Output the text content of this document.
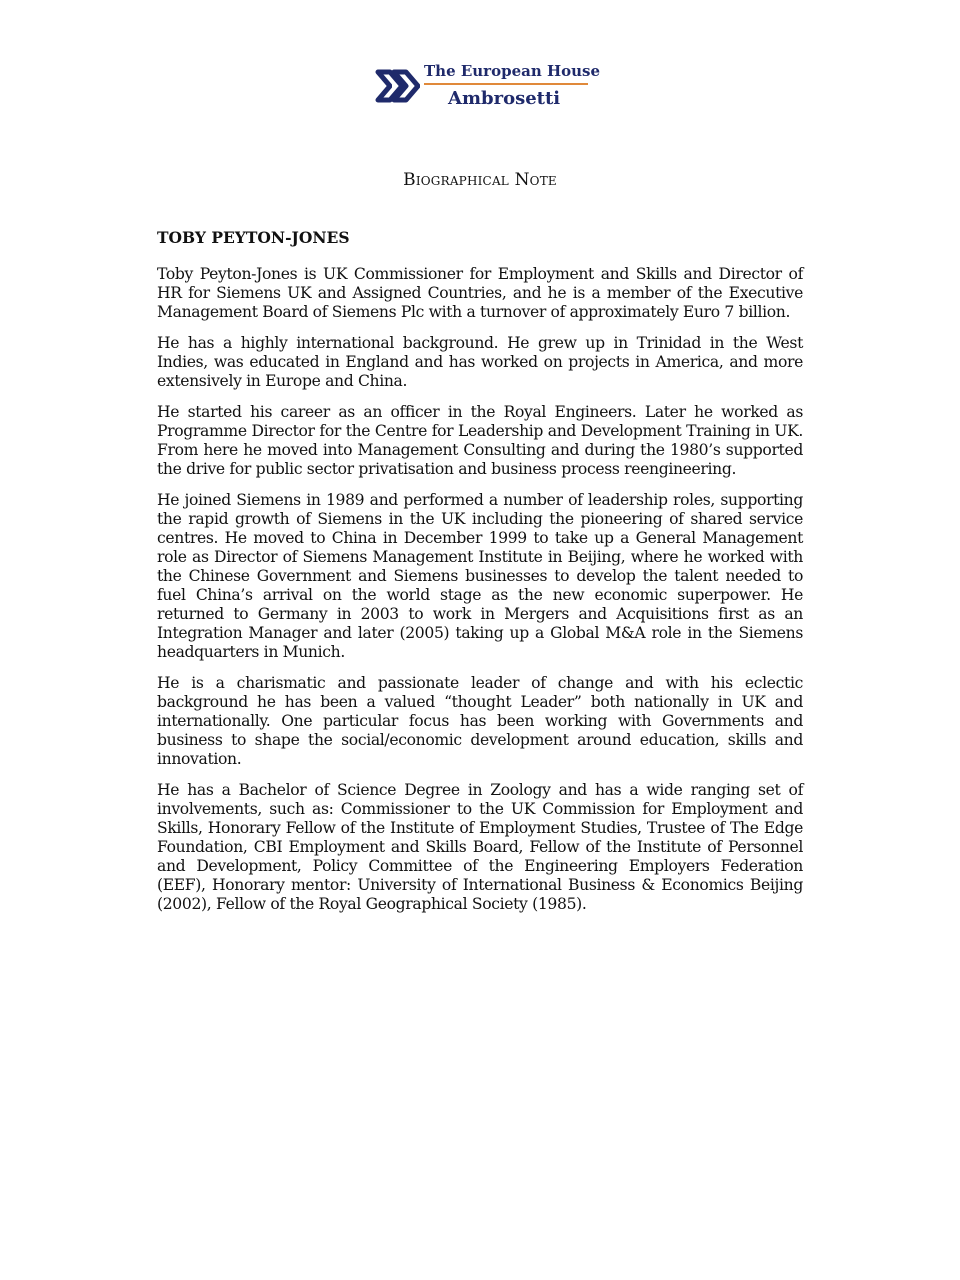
The European House
Ambrosetti
Biographical Note
TOBY PEYTON-JONES

Toby Peyton-Jones is UK Commissioner for Employment and Skills and Director of HR for Siemens UK and Assigned Countries, and he is a member of the Executive Management Board of Siemens Plc with a turnover of approximately Euro 7 billion.

He has a highly international background. He grew up in Trinidad in the West Indies, was educated in England and has worked on projects in America, and more extensively in Europe and China.

He started his career as an officer in the Royal Engineers. Later he worked as Programme Director for the Centre for Leadership and Development Training in UK. From here he moved into Management Consulting and during the 1980’s supported the drive for public sector privatisation and business process reengineering.

He joined Siemens in 1989 and performed a number of leadership roles, supporting the rapid growth of Siemens in the UK including the pioneering of shared service centres. He moved to China in December 1999 to take up a General Management role as Director of Siemens Management Institute in Beijing, where he worked with the Chinese Government and Siemens businesses to develop the talent needed to fuel China’s arrival on the world stage as the new economic superpower. He returned to Germany in 2003 to work in Mergers and Acquisitions first as an Integration Manager and later (2005) taking up a Global M&A role in the Siemens headquarters in Munich.

He is a charismatic and passionate leader of change and with his eclectic background he has been a valued “thought Leader” both nationally in UK and internationally. One particular focus has been working with Governments and business to shape the social/economic development around education, skills and innovation.

He has a Bachelor of Science Degree in Zoology and has a wide ranging set of involvements, such as: Commissioner to the UK Commission for Employment and Skills, Honorary Fellow of the Institute of Employment Studies, Trustee of The Edge Foundation, CBI Employment and Skills Board, Fellow of the Institute of Personnel and Development, Policy Committee of the Engineering Employers Federation (EEF), Honorary mentor: University of International Business & Economics Beijing (2002), Fellow of the Royal Geographical Society (1985).
